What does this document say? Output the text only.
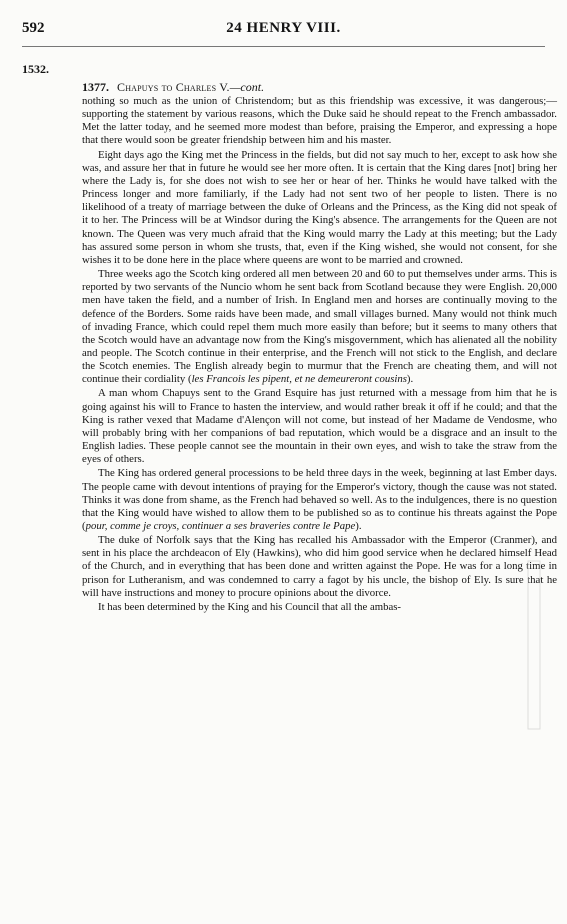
592	24 HENRY VIII.
1532.
1377. Chapuys to Charles V.—cont.

nothing so much as the union of Christendom; but as this friendship was excessive, it was dangerous;—supporting the statement by various reasons, which the Duke said he should repeat to the French ambassador. Met the latter today, and he seemed more modest than before, praising the Emperor, and expressing a hope that there would soon be greater friendship between him and his master.

Eight days ago the King met the Princess in the fields, but did not say much to her, except to ask how she was, and assure her that in future he would see her more often. It is certain that the King dares [not] bring her where the Lady is, for she does not wish to see her or hear of her. Thinks he would have talked with the Princess longer and more familiarly, if the Lady had not sent two of her people to listen. There is no likelihood of a treaty of marriage between the duke of Orleans and the Princess, as the King did not speak of it to her. The Princess will be at Windsor during the King's absence. The arrangements for the Queen are not known. The Queen was very much afraid that the King would marry the Lady at this meeting; but the Lady has assured some person in whom she trusts, that, even if the King wished, she would not consent, for she wishes it to be done here in the place where queens are wont to be married and crowned.

Three weeks ago the Scotch king ordered all men between 20 and 60 to put themselves under arms. This is reported by two servants of the Nuncio whom he sent back from Scotland because they were English. 20,000 men have taken the field, and a number of Irish. In England men and horses are continually moving to the defence of the Borders. Some raids have been made, and small villages burned. Many would not think much of invading France, which could repel them much more easily than before; but it seems to many others that the Scotch would have an advantage now from the King's misgovernment, which has alienated all the nobility and people. The Scotch continue in their enterprise, and the French will not stick to the English, and declare the Scotch enemies. The English already begin to murmur that the French are cheating them, and will not continue their cordiality (les Francois les pipent, et ne demeureront cousins).

A man whom Chapuys sent to the Grand Esquire has just returned with a message from him that he is going against his will to France to hasten the interview, and would rather break it off if he could; and that the King is rather vexed that Madame d'Alençon will not come, but instead of her Madame de Vendosme, who will probably bring with her companions of bad reputation, which would be a disgrace and an insult to the English ladies. These people cannot see the mountain in their own eyes, and wish to take the straw from the eyes of others.

The King has ordered general processions to be held three days in the week, beginning at last Ember days. The people came with devout intentions of praying for the Emperor's victory, though the cause was not stated. Thinks it was done from shame, as the French had behaved so well. As to the indulgences, there is no question that the King would have wished to allow them to be published so as to continue his threats against the Pope (pour, comme je croys, continuer a ses braveries contre le Pape).

The duke of Norfolk says that the King has recalled his Ambassador with the Emperor (Cranmer), and sent in his place the archdeacon of Ely (Hawkins), who did him good service when he declared himself Head of the Church, and in everything that has been done and written against the Pope. He was for a long time in prison for Lutheranism, and was condemned to carry a fagot by his uncle, the bishop of Ely. Is sure that he will have instructions and money to procure opinions about the divorce.

It has been determined by the King and his Council that all the ambas-
